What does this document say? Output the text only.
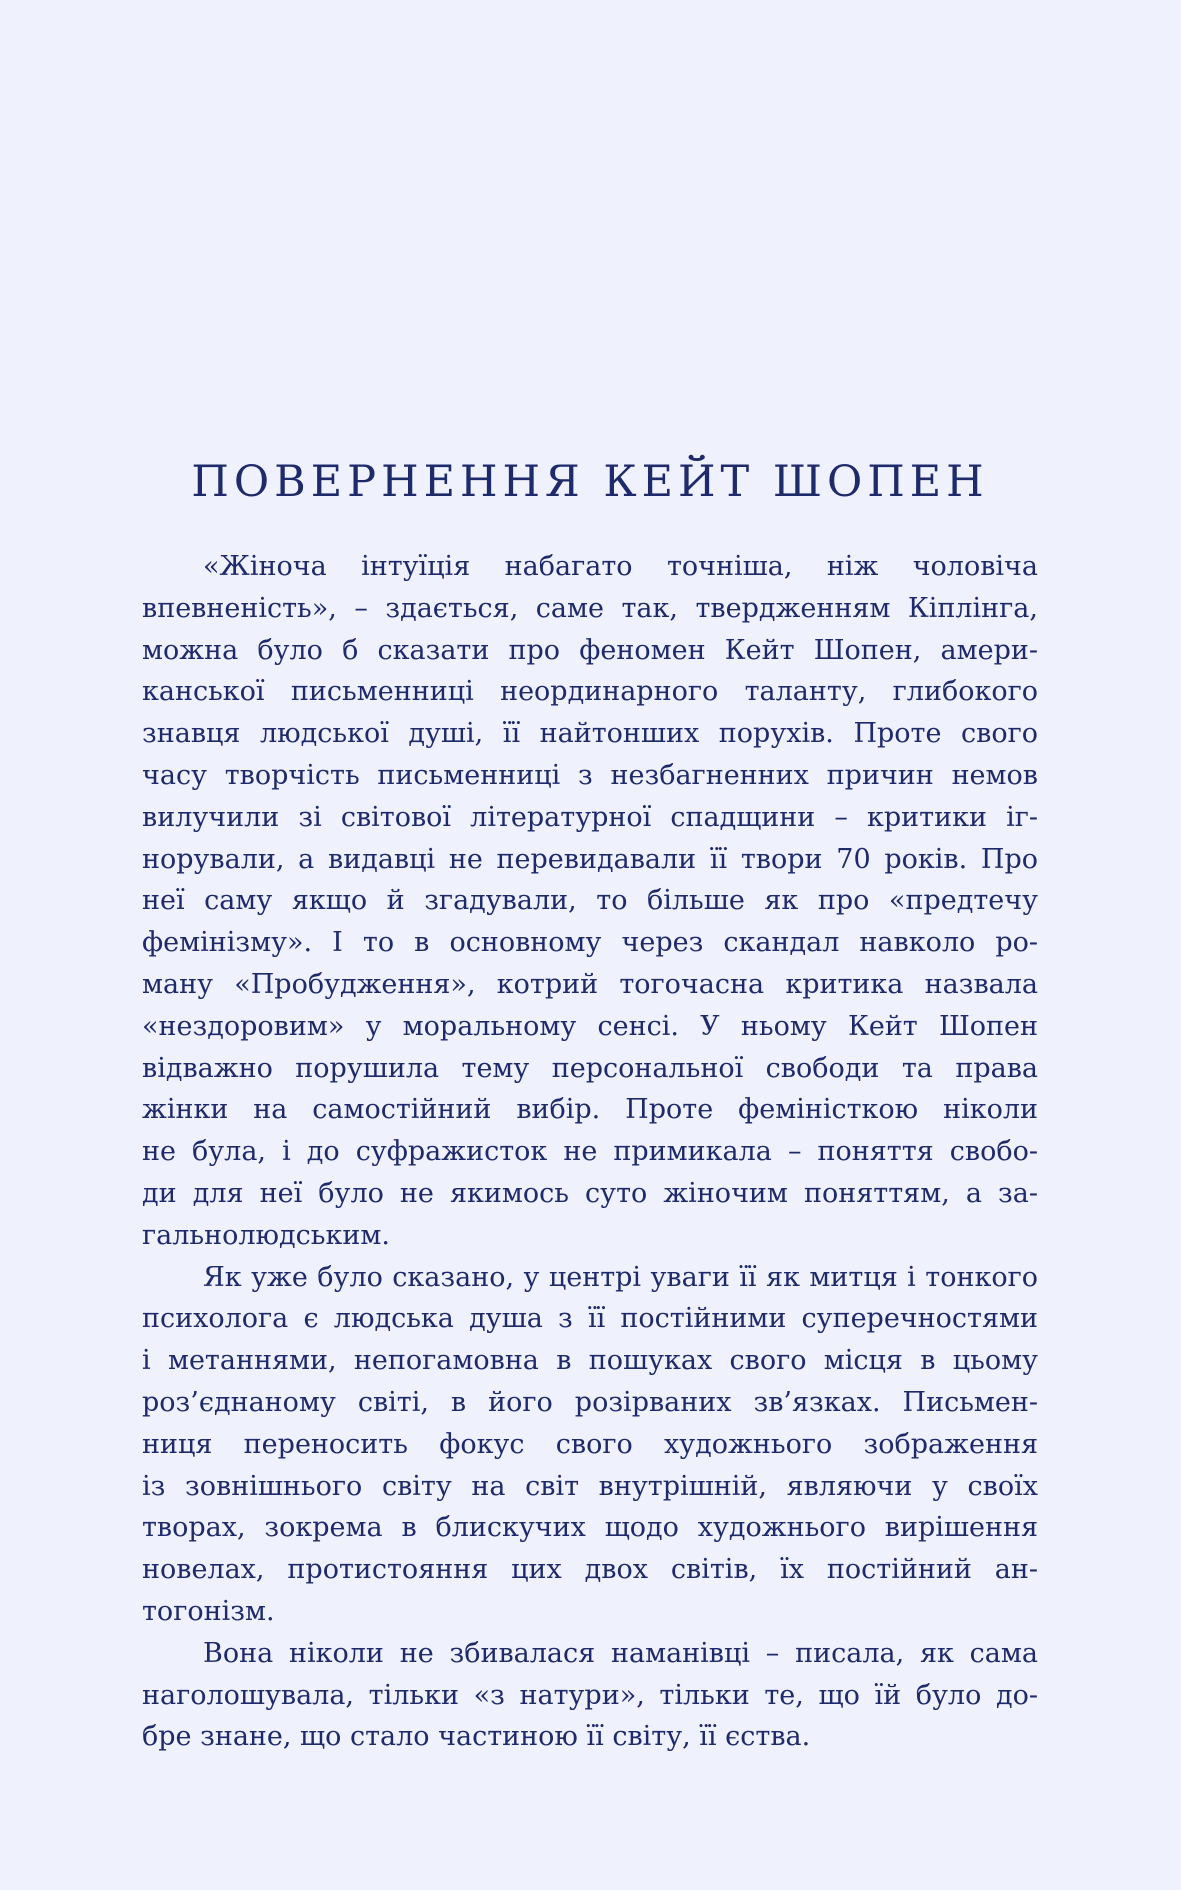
ПОВЕРНЕННЯ КЕЙТ ШОПЕН
«Жіноча інтуїція набагато точніша, ніж чоловіча
впевненість», – здається, саме так, твердженням Кіплінга,
можна було б сказати про феномен Кейт Шопен, амери-
канської письменниці неординарного таланту, глибокого
знавця людської душі, її найтонших порухів. Проте свого
часу творчість письменниці з незбагненних причин немов
вилучили зі світової літературної спадщини – критики іг-
норували, а видавці не перевидавали її твори 70 років. Про
неї саму якщо й згадували, то більше як про «предтечу
фемінізму». І то в основному через скандал навколо ро-
ману «Пробудження», котрий тогочасна критика назвала
«нездоровим» у моральному сенсі. У ньому Кейт Шопен
відважно порушила тему персональної свободи та права
жінки на самостійний вибір. Проте феміністкою ніколи
не була, і до суфражисток не примикала – поняття свобо-
ди для неї було не якимось суто жіночим поняттям, а за-
гальнолюдським.
Як уже було сказано, у центрі уваги її як митця і тонкого
психолога є людська душа з її постійними суперечностями
і метаннями, непогамовна в пошуках свого місця в цьому
роз’єднаному світі, в його розірваних зв’язках. Письмен-
ниця переносить фокус свого художнього зображення
із зовнішнього світу на світ внутрішній, являючи у своїх
творах, зокрема в блискучих щодо художнього вирішення
новелах, протистояння цих двох світів, їх постійний ан-
тогонізм.
Вона ніколи не збивалася наманівці – писала, як сама
наголошувала, тільки «з натури», тільки те, що їй було до-
бре знане, що стало частиною її світу, її єства.
